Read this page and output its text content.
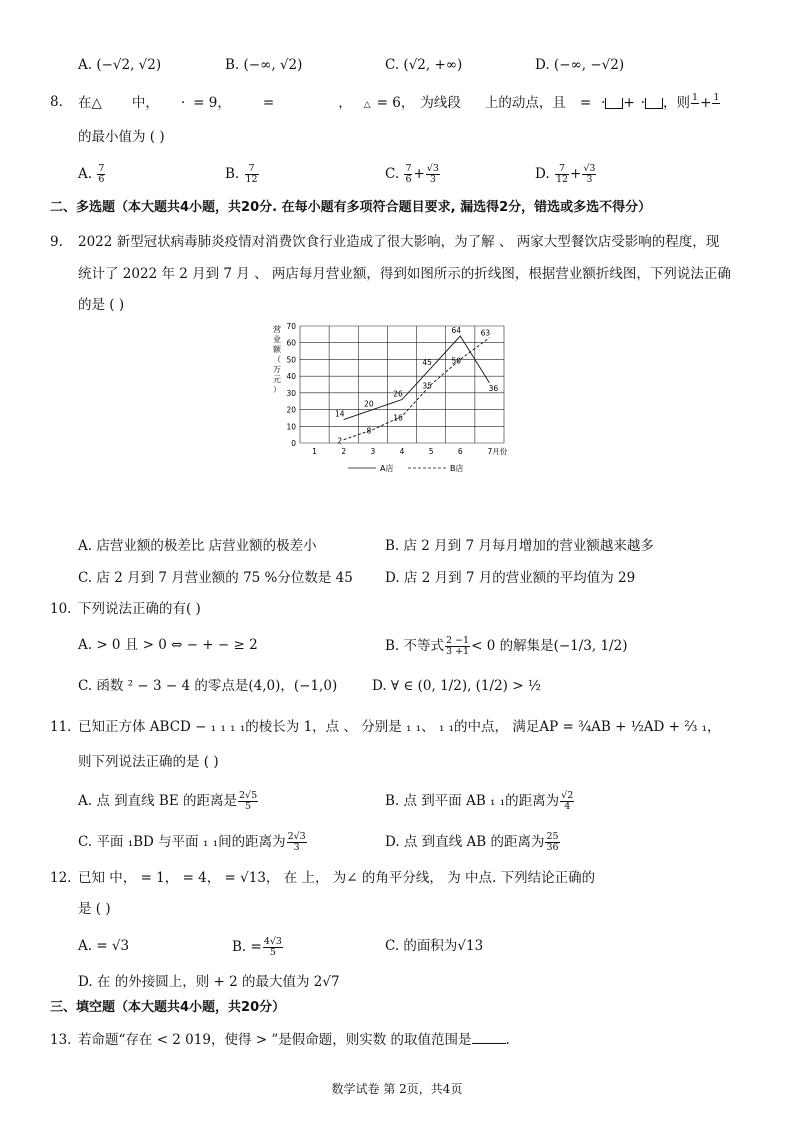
A. (−√2, √2)	B. (−∞, √2)	C. (√2, +∞)	D. (−∞, −√2)
8. 在△ 中， · = 9， =	， △ = 6， 为线段 上的动点，且 = · + · ，则 1
+ 1

的最小值为 ( )
A. $\frac{7}{6}$	B. $\frac{7}{12}$	C. $\frac{7}{6} + \frac{√3}{3}$	D. $\frac{7}{12} + \frac{√3}{3}$
二、多选题（本大题共4小题，共20分. 在每小题有多项符合题目要求, 漏选得2分，错选或多选不得分）
9. 2022 新型冠状病毒肺炎疫情对消费饮食行业造成了很大影响，为了解 、 两家大型餐饮店受影响的程度，现
统计了 2022 年 2 月到 7 月 、 两店每月营业额，得到如图所示的折线图，根据营业额折线图，下列说法正确
的是 ( )
0
10
20
30
40
50
60
70
1	2	3	4	5	6	7月份
14
20
26
45
64
36
2
8
16
35
50
63
营
业
额
（
万
元
）
A店	B店
A. 店营业额的极差比 店营业额的极差小	B. 店 2 月到 7 月每月增加的营业额越来越多
C. 店 2 月到 7 月营业额的 75 %分位数是 45 D. 店 2 月到 7 月的营业额的平均值为 29
10. 下列说法正确的有( )
A. > 0 且 > 0 ⇔ − + − ≥ 2	B. 不等式 $\frac{2 -1}{3 +1} < 0$ 的解集是(−1/3, 1/2)
C. 函数 ² − 3 − 4 的零点是(4,0)，(−1,0)	D. ∀ ∈ (0, 1/2), (1/2) > ½
11. 已知正方体 ABCD − ₁ ₁ ₁ ₁的棱长为 1，点 、 分别是 ₁ ₁、 ₁ ₁的中点， 满足AP = ¾AB + ½AD + ⅔ ₁，
则下列说法正确的是 ( )
A. 点 到直线 BE 的距离是 $\frac{2√5}{5}$	B. 点 到平面 AB ₁ ₁的距离为 $\frac{√2}{4}$
C. 平面 ₁BD 与平面 ₁ ₁间的距离为 $\frac{2√3}{3}$	D. 点 到直线 AB 的距离为 $\frac{25}{36}$
12. 已知 中， = 1， = 4， = √13， 在 上， 为∠ 的角平分线， 为 中点. 下列结论正确的
是 ( )
A. = √3	B. = $\frac{4√3}{5}$	C. 的面积为√13
D. 在 的外接圆上，则 + 2 的最大值为 2√7
三、填空题（本大题共4小题，共20分）
13. 若命题“存在 < 2 019，使得 > ”是假命题，则实数 的取值范围是	.
数学试卷 第 2页，共4页
